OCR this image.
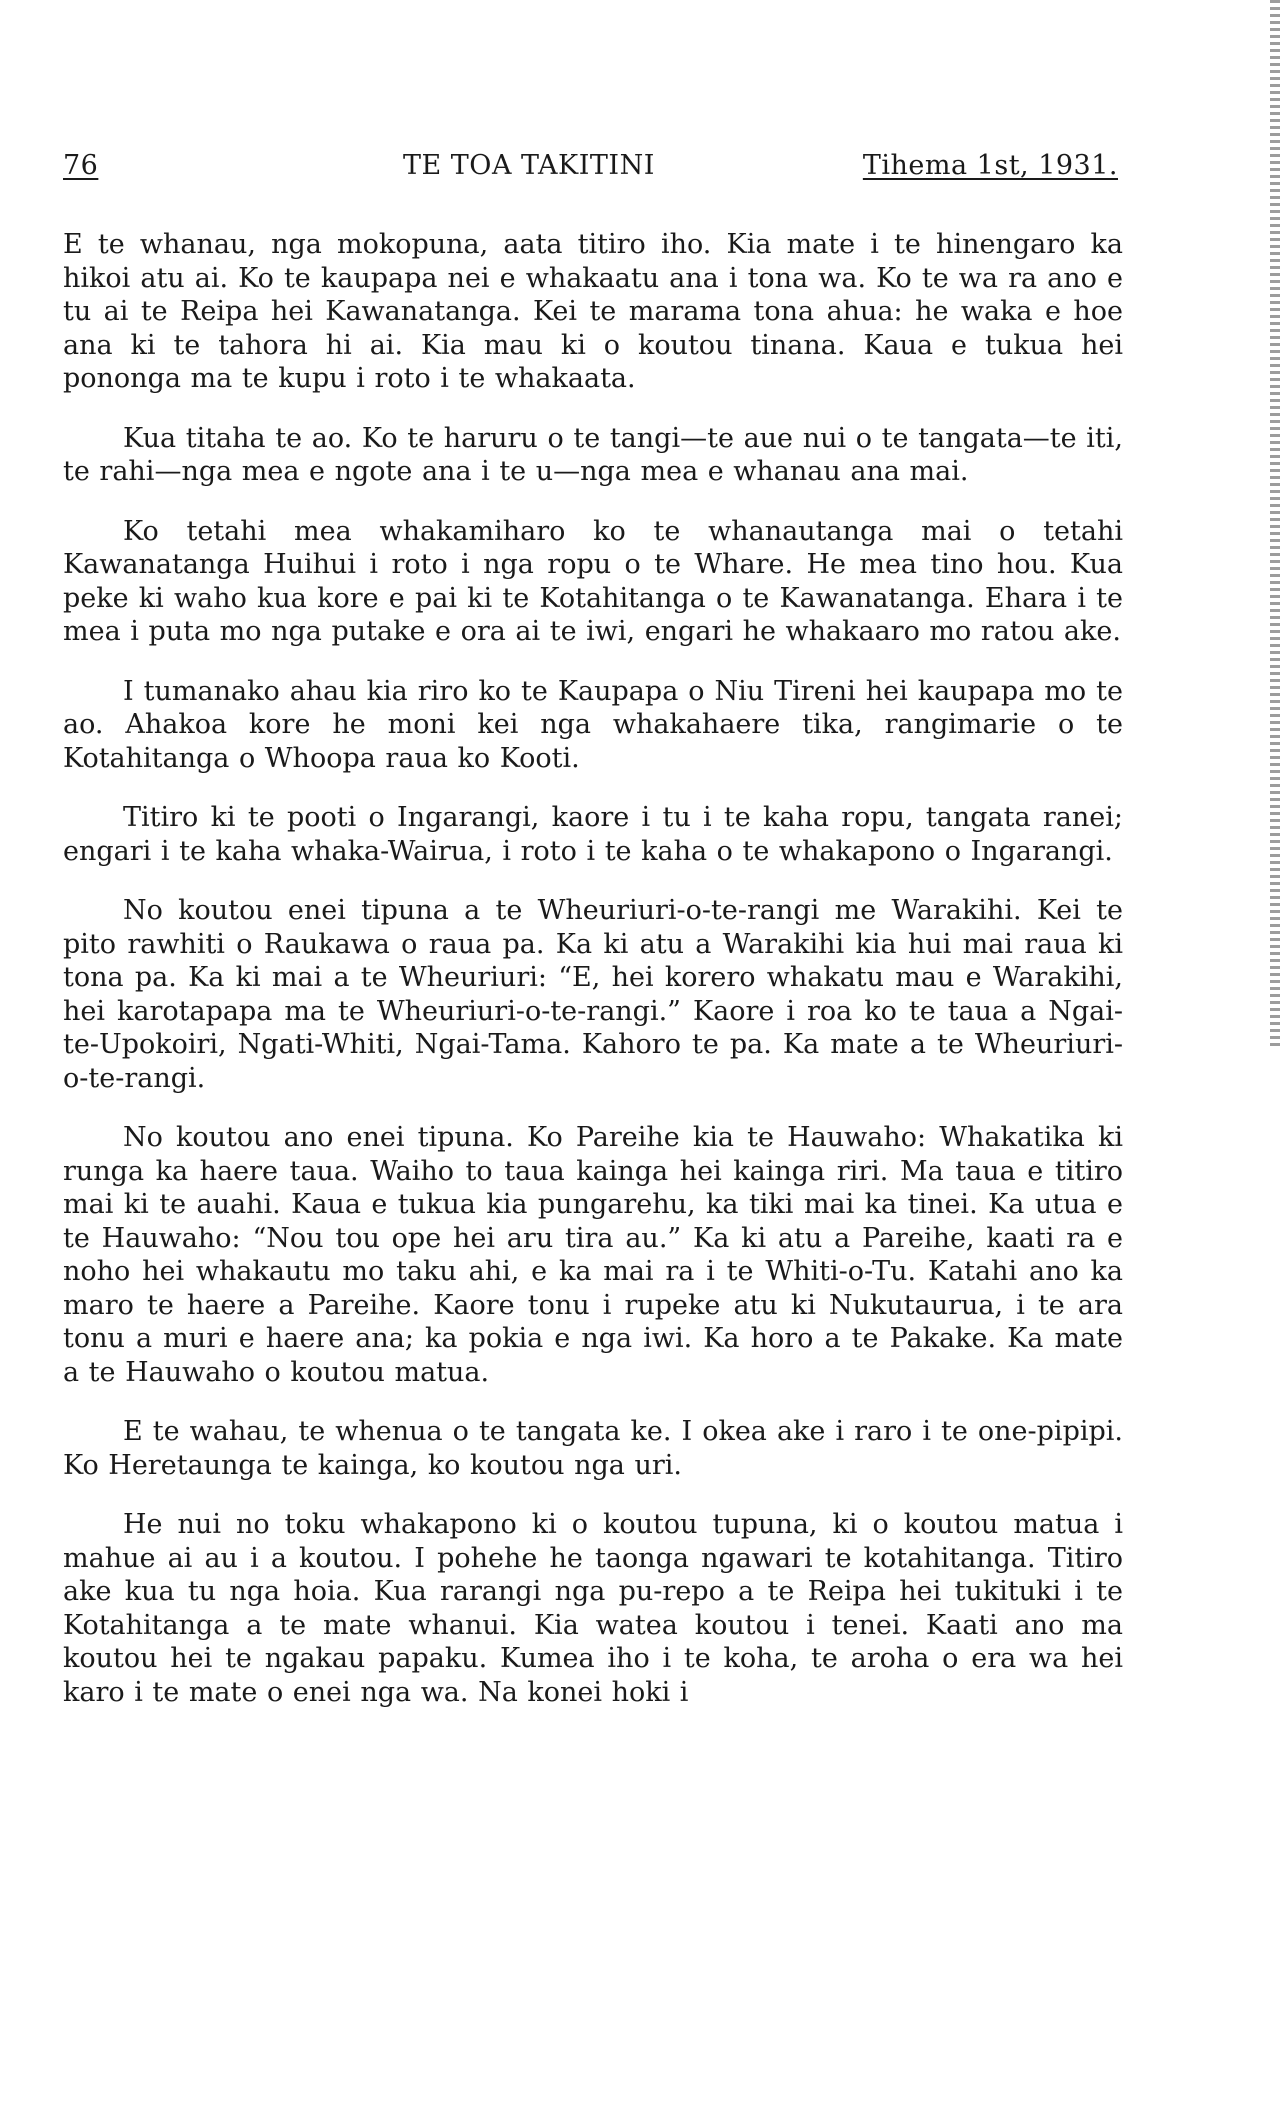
76	TE TOA TAKITINI	Tihema 1st, 1931.

E te whanau, nga mokopuna, aata titiro iho. Kia mate i te hinengaro ka hikoi atu ai. Ko te kaupapa nei e whakaatu ana i tona wa. Ko te wa ra ano e tu ai te Reipa hei Kawanatanga. Kei te marama tona ahua: he waka e hoe ana ki te tahora hi ai. Kia mau ki o koutou tinana. Kaua e tukua hei pononga ma te kupu i roto i te whakaata.

Kua titaha te ao. Ko te haruru o te tangi—te aue nui o te tangata—te iti, te rahi—nga mea e ngote ana i te u—nga mea e whanau ana mai.

Ko tetahi mea whakamiharo ko te whanautanga mai o tetahi Kawanatanga Huihui i roto i nga ropu o te Whare. He mea tino hou. Kua peke ki waho kua kore e pai ki te Kotahitanga o te Kawanatanga. Ehara i te mea i puta mo nga putake e ora ai te iwi, engari he whakaaro mo ratou ake.

I tumanako ahau kia riro ko te Kaupapa o Niu Tireni hei kaupapa mo te ao. Ahakoa kore he moni kei nga whakahaere tika, rangimarie o te Kotahitanga o Whoopa raua ko Kooti.

Titiro ki te pooti o Ingarangi, kaore i tu i te kaha ropu, tangata ranei; engari i te kaha whaka-Wairua, i roto i te kaha o te whakapono o Ingarangi.

No koutou enei tipuna a te Wheuriuri-o-te-rangi me Warakihi. Kei te pito rawhiti o Raukawa o raua pa. Ka ki atu a Warakihi kia hui mai raua ki tona pa. Ka ki mai a te Wheuriuri: “E, hei korero whakatu mau e Warakihi, hei karotapapa ma te Wheuriuri-o-te-rangi.” Kaore i roa ko te taua a Ngai-te-Upokoiri, Ngati-Whiti, Ngai-Tama. Kahoro te pa. Ka mate a te Wheuriuri-o-te-rangi.

No koutou ano enei tipuna. Ko Pareihe kia te Hauwaho: Whakatika ki runga ka haere taua. Waiho to taua kainga hei kainga riri. Ma taua e titiro mai ki te auahi. Kaua e tukua kia pungarehu, ka tiki mai ka tinei. Ka utua e te Hauwaho: “Nou tou ope hei aru tira au.” Ka ki atu a Pareihe, kaati ra e noho hei whakautu mo taku ahi, e ka mai ra i te Whiti-o-Tu. Katahi ano ka maro te haere a Pareihe. Kaore tonu i rupeke atu ki Nukutaurua, i te ara tonu a muri e haere ana; ka pokia e nga iwi. Ka horo a te Pakake. Ka mate a te Hauwaho o koutou matua.

E te wahau, te whenua o te tangata ke. I okea ake i raro i te one-pipipi. Ko Heretaunga te kainga, ko koutou nga uri.

He nui no toku whakapono ki o koutou tupuna, ki o koutou matua i mahue ai au i a koutou. I pohehe he taonga ngawari te kotahitanga. Titiro ake kua tu nga hoia. Kua rarangi nga pu-repo a te Reipa hei tukituki i te Kotahitanga a te mate whanui. Kia watea koutou i tenei. Kaati ano ma koutou hei te ngakau papaku. Kumea iho i te koha, te aroha o era wa hei karo i te mate o enei nga wa. Na konei hoki i
